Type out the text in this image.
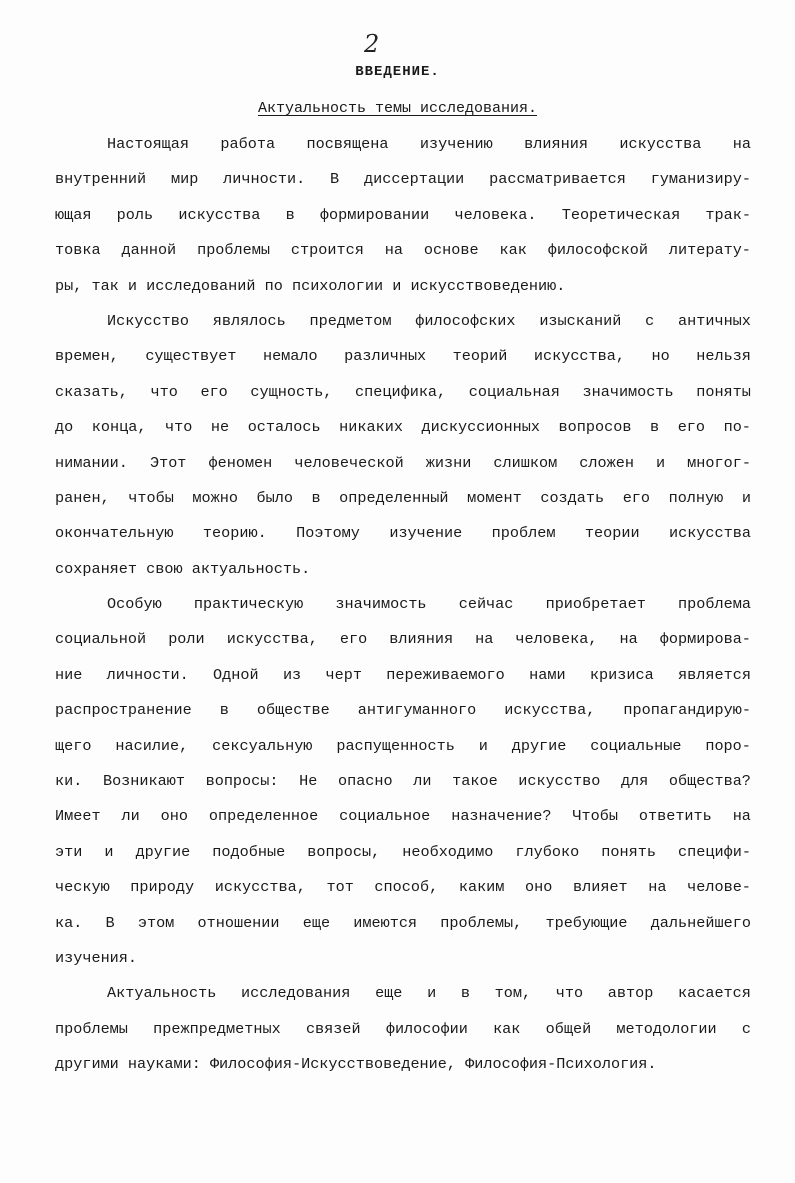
2
ВВЕДЕНИЕ.
Актуальность темы исследования.
Настоящая работа посвящена изучению влияния искусства на
внутренний мир личности. В диссертации рассматривается гуманизиру-
ющая роль искусства в формировании человека. Теоретическая трак-
товка данной проблемы строится на основе как философской литерату-
ры, так и исследований по психологии и искусствоведению.
Искусство являлось предметом философских изысканий с античных
времен, существует немало различных теорий искусства, но нельзя
сказать, что его сущность, специфика, социальная значимость поняты
до конца, что не осталось никаких дискуссионных вопросов в его по-
нимании. Этот феномен человеческой жизни слишком сложен и многог-
ранен, чтобы можно было в определенный момент создать его полную и
окончательную теорию. Поэтому изучение проблем теории искусства
сохраняет свою актуальность.
Особую практическую значимость сейчас приобретает проблема
социальной роли искусства, его влияния на человека, на формирова-
ние личности. Одной из черт переживаемого нами кризиса является
распространение в обществе антигуманного искусства, пропагандирую-
щего насилие, сексуальную распущенность и другие социальные поро-
ки. Возникают вопросы: Не опасно ли такое искусство для общества?
Имеет ли оно определенное социальное назначение? Чтобы ответить на
эти и другие подобные вопросы, необходимо глубоко понять специфи-
ческую природу искусства, тот способ, каким оно влияет на челове-
ка. В этом отношении еще имеются проблемы, требующие дальнейшего
изучения.
Актуальность исследования еще и в том, что автор касается
проблемы прежпредметных связей философии как общей методологии с
другими науками: Философия-Искусствоведение, Философия-Психология.
